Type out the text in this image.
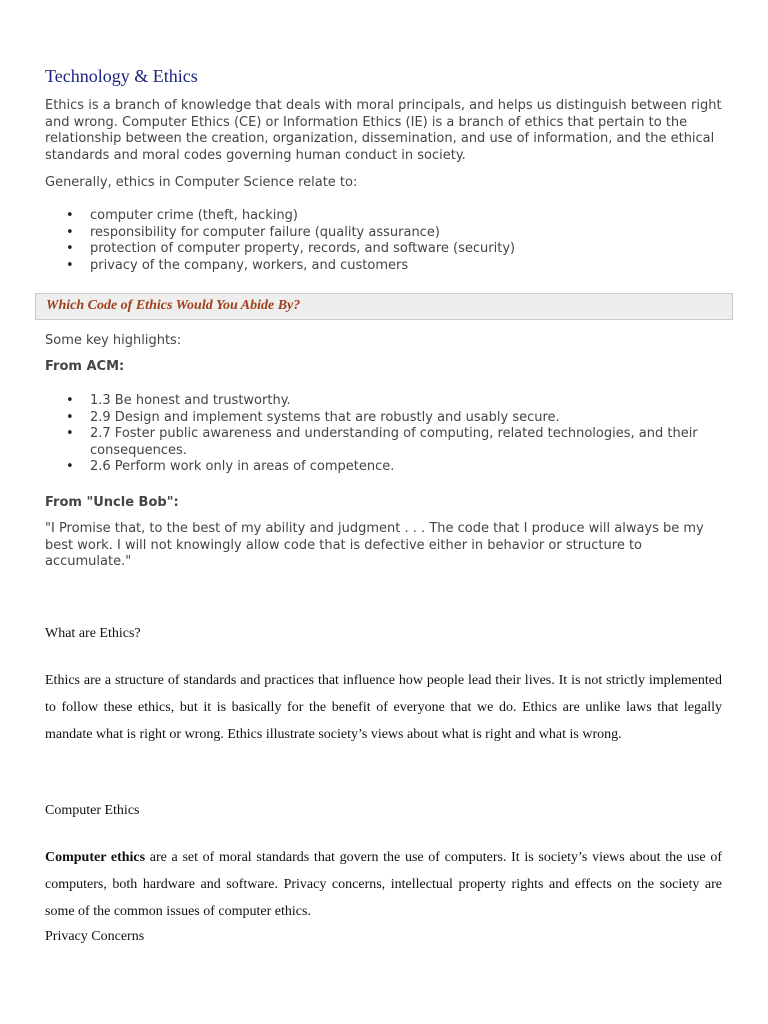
Technology & Ethics

Ethics is a branch of knowledge that deals with moral principals, and helps us distinguish between right and wrong. Computer Ethics (CE) or Information Ethics (IE) is a branch of ethics that pertain to the relationship between the creation, organization, dissemination, and use of information, and the ethical standards and moral codes governing human conduct in society.

Generally, ethics in Computer Science relate to:

• computer crime (theft, hacking)
• responsibility for computer failure (quality assurance)
• protection of computer property, records, and software (security)
• privacy of the company, workers, and customers
Which Code of Ethics Would You Abide By?

Some key highlights:

From ACM:

• 1.3 Be honest and trustworthy.
• 2.9 Design and implement systems that are robustly and usably secure.
• 2.7 Foster public awareness and understanding of computing, related technologies, and their consequences.
• 2.6 Perform work only in areas of competence.

From "Uncle Bob":

"I Promise that, to the best of my ability and judgment . . . The code that I produce will always be my best work. I will not knowingly allow code that is defective either in behavior or structure to accumulate."

What are Ethics?

Ethics are a structure of standards and practices that influence how people lead their lives. It is not strictly implemented to follow these ethics, but it is basically for the benefit of everyone that we do. Ethics are unlike laws that legally mandate what is right or wrong. Ethics illustrate society’s views about what is right and what is wrong.

Computer Ethics

Computer ethics are a set of moral standards that govern the use of computers. It is society’s views about the use of computers, both hardware and software. Privacy concerns, intellectual property rights and effects on the society are some of the common issues of computer ethics.

Privacy Concerns
